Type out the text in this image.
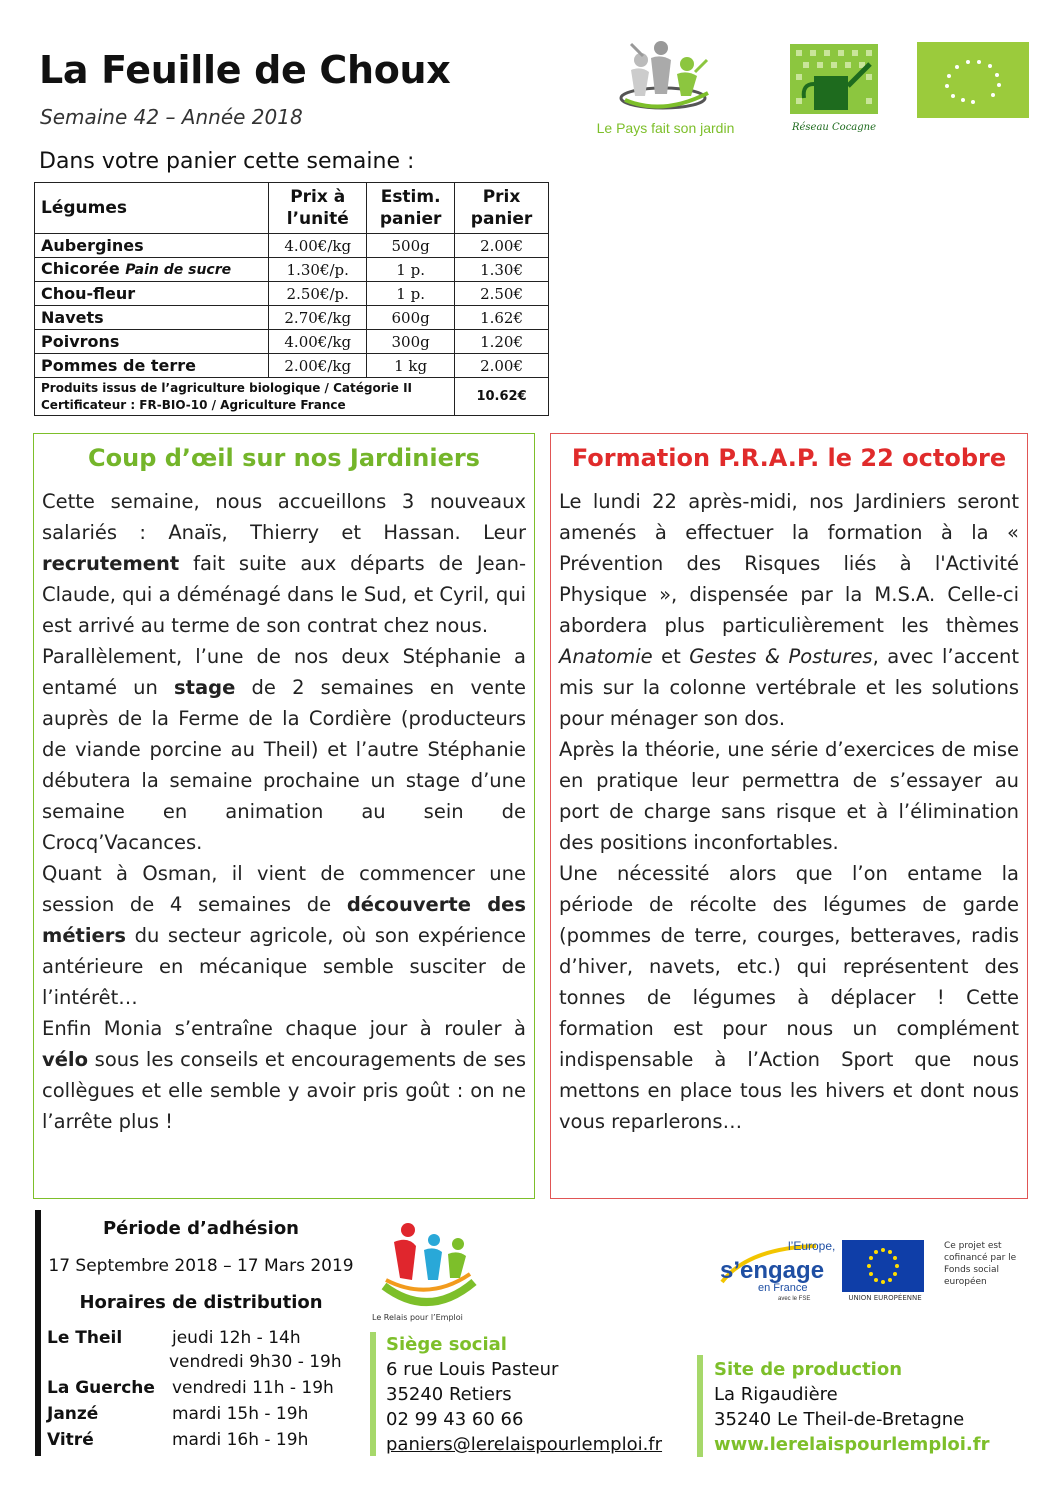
La Feuille de Choux
Semaine 42 – Année 2018
Dans votre panier cette semaine :
Le Pays fait son jardin	Réseau Cocagne
Légumes	Prix à l’unité	Estim. panier	Prix panier
Aubergines	4.00€/kg	500g	2.00€
Chicorée Pain de sucre	1.30€/p.	1 p.	1.30€
Chou-fleur	2.50€/p.	1 p.	2.50€
Navets	2.70€/kg	600g	1.62€
Poivrons	4.00€/kg	300g	1.20€
Pommes de terre	2.00€/kg	1 kg	2.00€

Produits issus de l’agriculture biologique / Catégorie II
Certificateur : FR-BIO-10 / Agriculture France			10.62€
Coup d’œil sur nos Jardiniers

Cette semaine, nous accueillons 3 nouveaux salariés : Anaïs, Thierry et Hassan. Leur recrutement fait suite aux départs de Jean-Claude, qui a déménagé dans le Sud, et Cyril, qui est arrivé au terme de son contrat chez nous.

Parallèlement, l’une de nos deux Stéphanie a entamé un stage de 2 semaines en vente auprès de la Ferme de la Cordière (producteurs de viande porcine au Theil) et l’autre Stéphanie débutera la semaine prochaine un stage d’une semaine en animation au sein de Crocq’Vacances.

Quant à Osman, il vient de commencer une session de 4 semaines de découverte des métiers du secteur agricole, où son expérience antérieure en mécanique semble susciter de l’intérêt…

Enfin Monia s’entraîne chaque jour à rouler à vélo sous les conseils et encouragements de ses collègues et elle semble y avoir pris goût : on ne l’arrête plus !

Formation P.R.A.P. le 22 octobre

Le lundi 22 après-midi, nos Jardiniers seront amenés à effectuer la formation à la « Prévention des Risques liés à l'Activité Physique », dispensée par la M.S.A. Celle-ci abordera plus particulièrement les thèmes Anatomie et Gestes & Postures, avec l’accent mis sur la colonne vertébrale et les solutions pour ménager son dos.

Après la théorie, une série d’exercices de mise en pratique leur permettra de s’essayer au port de charge sans risque et à l’élimination des positions inconfortables.

Une nécessité alors que l’on entame la période de récolte des légumes de garde (pommes de terre, courges, betteraves, radis d’hiver, navets, etc.) qui représentent des tonnes de légumes à déplacer ! Cette formation est pour nous un complément indispensable à l’Action Sport que nous mettons en place tous les hivers et dont nous vous reparlerons…

Période d’adhésion
17 Septembre 2018 – 17 Mars 2019
Horaires de distribution
Le Theil	jeudi 12h - 14h
vendredi 9h30 - 19h
La Guerche vendredi 11h - 19h
Janzé	mardi 15h - 19h
Vitré	mardi 16h - 19h
Le Relais pour l’Emploi
Siège social
6 rue Louis Pasteur
35240 Retiers
02 99 43 60 66
paniers@lerelaispourlemploi.fr
Site de production
La Rigaudière
35240 Le Theil-de-Bretagne
www.lerelaispourlemploi.fr
l’Europe,
s’engage
en France
avec le FSE	UNION EUROPÉENNE
Ce projet est cofinancé par le Fonds social européen
